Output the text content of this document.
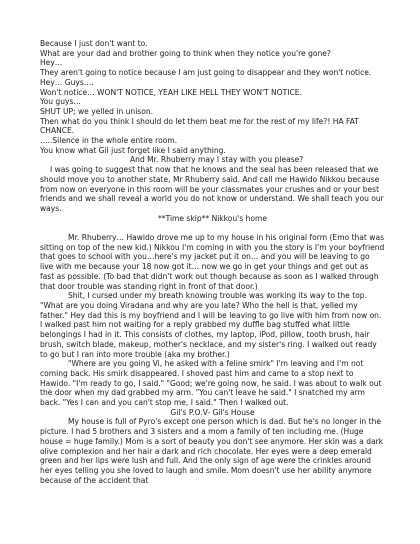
Because I just don't want to.

What are your dad and brother going to think when they notice you're gone?

Hey…

They aren't going to notice because I am just going to disappear and they won't notice.

Hey… Guys….

Won't notice… WON'T NOTICE, YEAH LIKE HELL THEY WON'T NOTICE.

You guys…

SHUT UP; we yelled in unison.

Then what do you think I should do let them beat me for the rest of my life?! HA FAT CHANCE.

…..Silence in the whole entire room.

You know what Gil just forget like I said anything.

And Mr. Rhuberry may I stay with you please?

I was going to suggest that now that he knows and the seal has been released that we should move you to another state, Mr Rhuberry said. And call me Hawido Nikkou because from now on everyone in this room will be your classmates your crushes and or your best friends and we shall reveal a world you do not know or understand. We shall teach you our ways.

**Time skip** Nikkou's home

Mr. Rhuberry… Hawido drove me up to my house in his original form (Emo that was sitting on top of the new kid.) Nikkou I'm coming in with you the story is I'm your boyfriend that goes to school with you…here's my jacket put it on… and you will be leaving to go live with me because your 18 now got it… now we go in get your things and get out as fast as possible. (To bad that didn't work out though because as soon as I walked through that door trouble was standing right in front of that door.)

Shit, I cursed under my breath knowing trouble was working its way to the top. "What are you doing Viradana and why are you late? Who the hell is that, yelled my father." Hey dad this is my boyfriend and I will be leaving to go live with him from now on. I walked past him not waiting for a reply grabbed my duffle bag stuffed what little belongings I had in it. This consists of clothes, my laptop, iPod, pillow, tooth brush, hair brush, switch blade, makeup, mother's necklace, and my sister's ring. I walked out ready to go but I ran into more trouble (aka my brother.)

"Where are you going Vi, he asked with a feline smirk" I'm leaving and I'm not coming back. His smirk disappeared. I shoved past him and came to a stop next to Hawido. "I'm ready to go, I said." "Good; we're going now, he said. I was about to walk out the door when my dad grabbed my arm. "You can't leave he said." I snatched my arm back. "Yes I can and you can't stop me, I said." Then I walked out.

Gil's P.O.V- Gil's House

My house is full of Pyro's except one person which is dad. But he's no longer in the picture. I had 5 brothers and 3 sisters and a mom a family of ten including me. (Huge house = huge family.) Mom is a sort of beauty you don't see anymore. Her skin was a dark olive complexion and her hair a dark and rich chocolate. Her eyes were a deep emerald green and her lips were lush and full. And the only sign of age were the crinkles around her eyes telling you she loved to laugh and smile. Mom doesn't use her ability anymore because of the accident that
